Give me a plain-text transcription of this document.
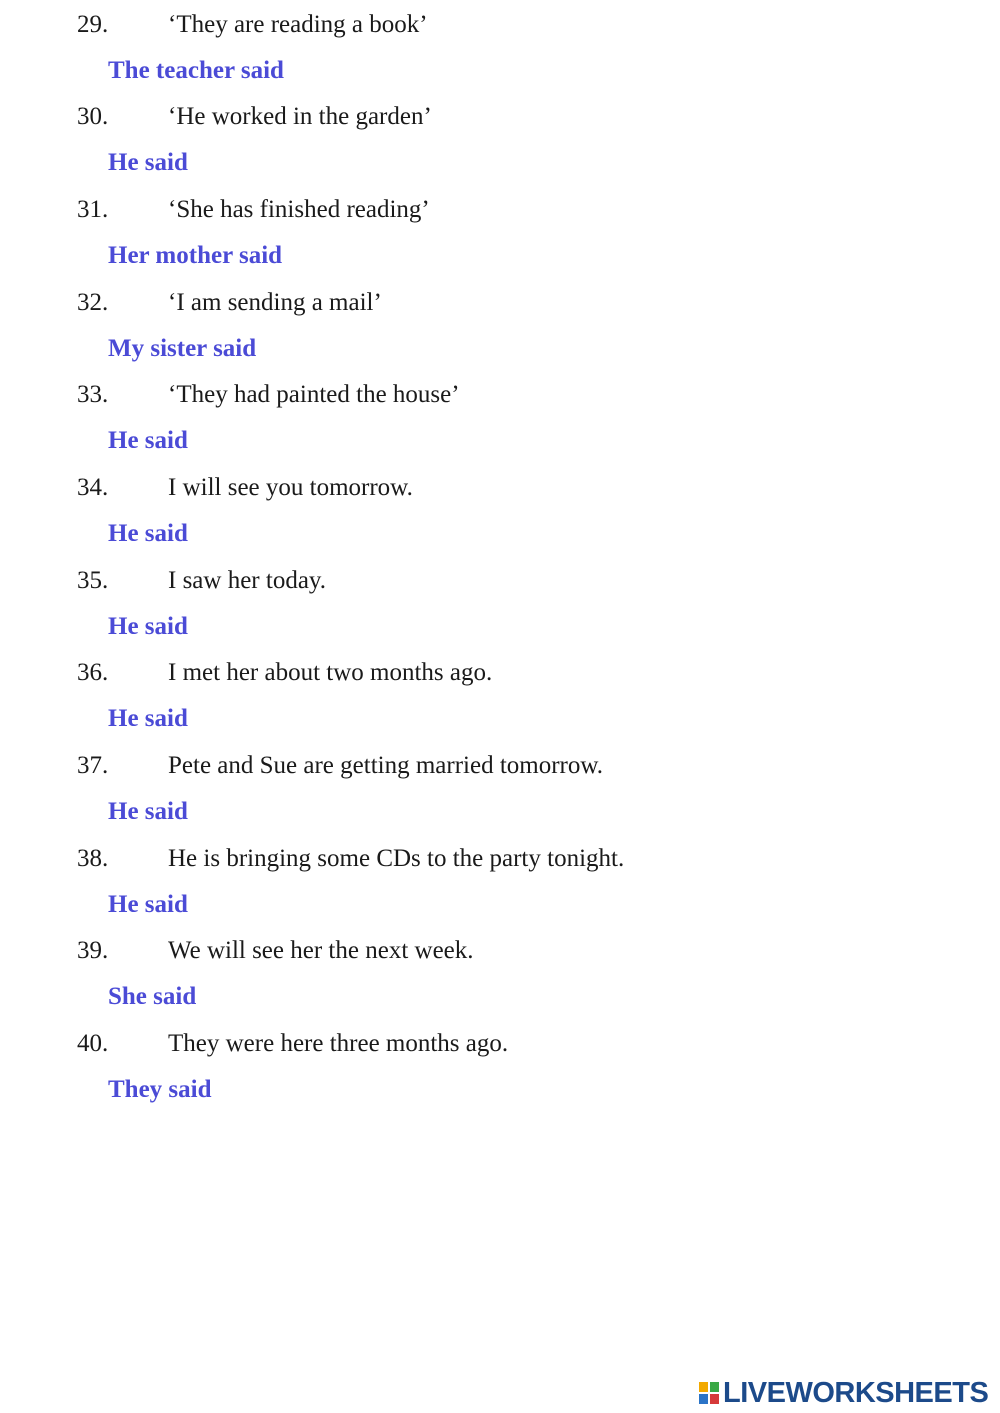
29. ‘They are reading a book’
The teacher said
30. ‘He worked in the garden’
He said
31. ‘She has finished reading’
Her mother said
32. ‘I am sending a mail’
My sister said
33. ‘They had painted the house’
He said
34. I will see you tomorrow.
He said
35. I saw her today.
He said
36. I met her about two months ago.
He said
37. Pete and Sue are getting married tomorrow.
He said
38. He is bringing some CDs to the party tonight.
He said
39. We will see her the next week.
She said
40. They were here three months ago.
They said
LIVEWORKSHEETS
